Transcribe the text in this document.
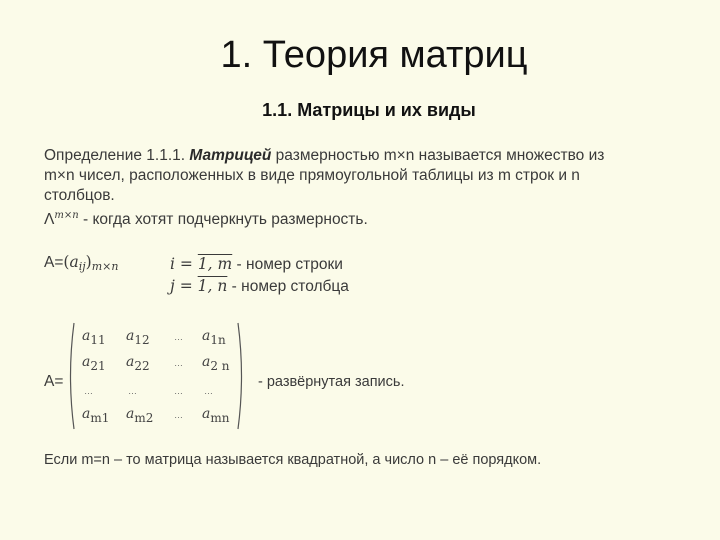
1. Теория матриц
1.1. Матрицы и их виды
Определение 1.1.1. Матрицей размерностью m×n называется множество из
m×n чисел, расположенных в виде прямоугольной таблицы из m строк и n
столбцов.
$\Lambda^{m\times n}$ - когда хотят подчеркнуть размерность.
$A=(a_{ij})_{m\times n}$	i = 1, m - номер строки
j = 1, n - номер столбца
A=
a11 a12	… a1n
a21 a22	… a2 n
…	…	… …
am1 am2 … amn
- развёрнутая запись.
Если m=n – то матрица называется квадратной, а число n – её порядком.
